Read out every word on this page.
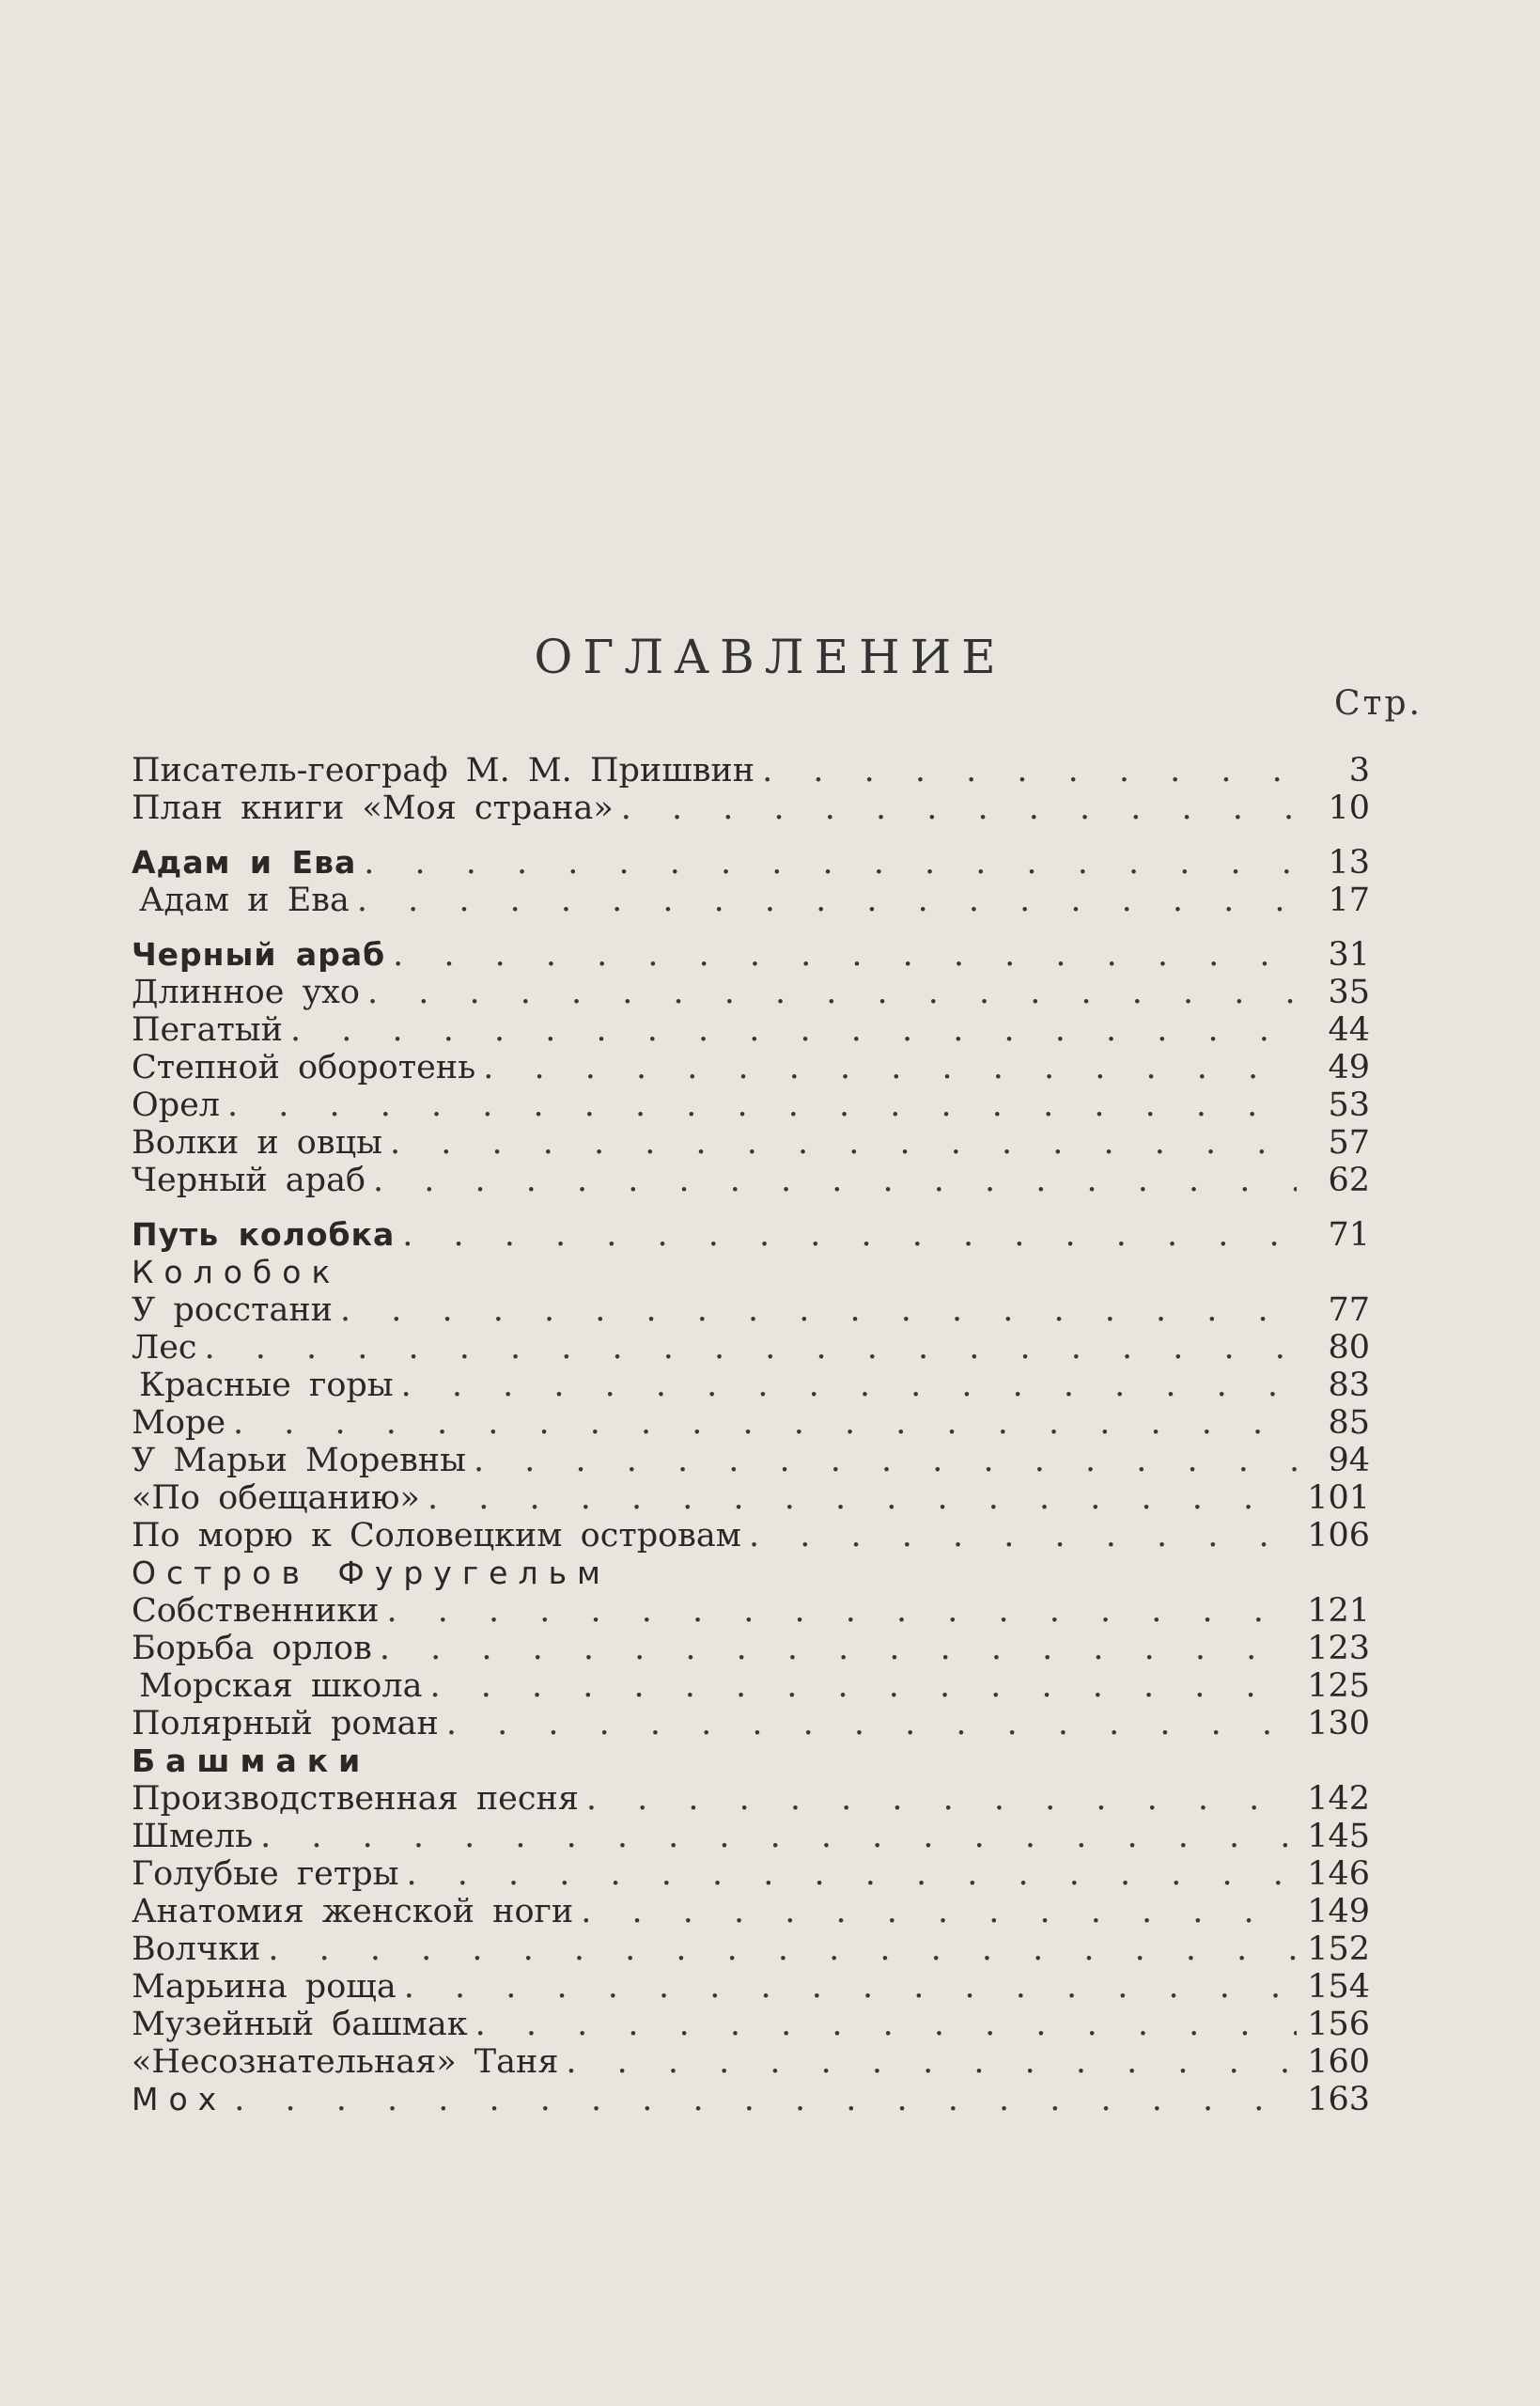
ОГЛАВЛЕНИЕ
Стр.
Писатель-географ М. М. Пришвин . . .	3
План книги «Моя страна» . . .	10
Адам и Ева . . .	13
Адам и Ева . . .	17
Черный араб . . .	31
Длинное ухо . . .	35
Пегатый . . .	44
Степной оборотень . . .	49
Орел . . .	53
Волки и овцы . . .	57
Черный араб . . .	62
Путь колобка . . .	71
Колобок
У росстани . . .	77
Лес . . .	80
Красные горы . . .	83
Море . . .	85
У Марьи Моревны . . .	94
«По обещанию» . . .	101
По морю к Соловецким островам . . .	106
Остров Фуругельм
Собственники . . .	121
Борьба орлов . . .	123
Морская школа . . .	125
Полярный роман . . .	130
Башмаки
Производственная песня . . .	142
Шмель . . .	145
Голубые гетры . . .	146
Анатомия женской ноги . . .	149
Волчки . . .	152
Марьина роща . . .	154
Музейный башмак . . .	156
«Несознательная» Таня . . .	160
Мох . . .	163
